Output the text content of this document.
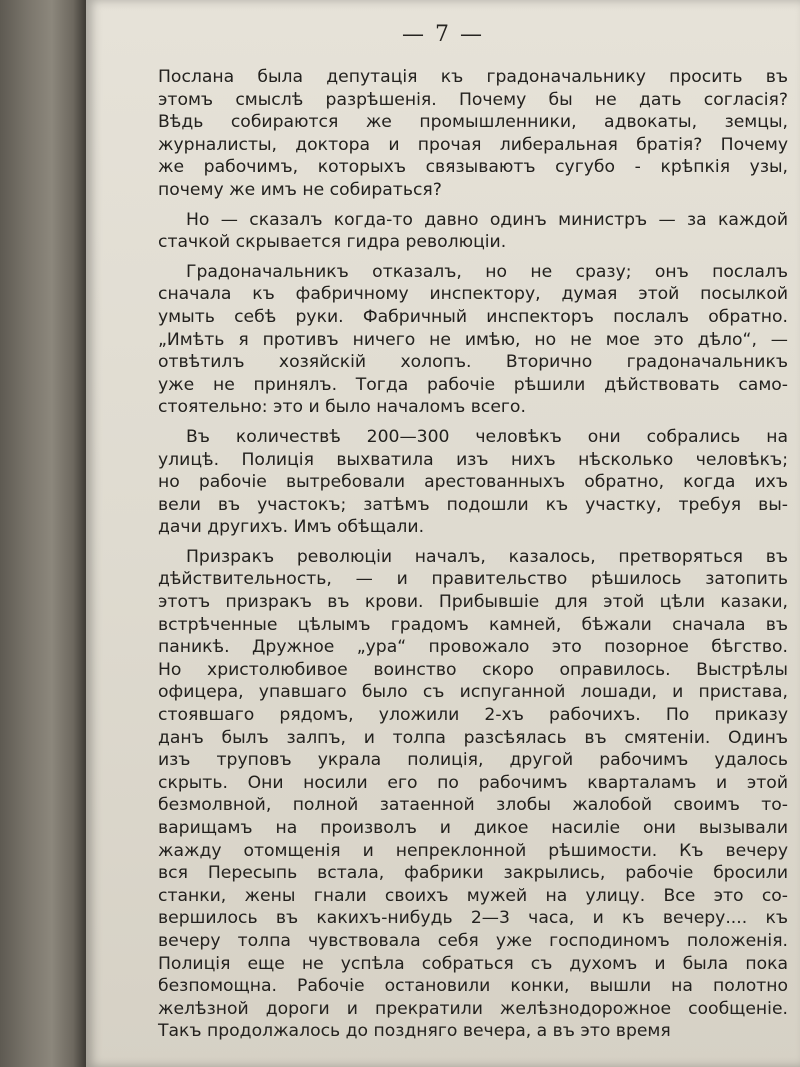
— 7 —
Послана была депутація къ градоначальнику просить въ
этомъ смыслѣ разрѣшенія. Почему бы не дать согласія?
Вѣдь собираются же промышленники, адвокаты, земцы,
журналисты, доктора и прочая либеральная братія? Почему
же рабочимъ, которыхъ связываютъ сугубо - крѣпкія узы,
почему же имъ не собираться?
Но — сказалъ когда-то давно одинъ министръ — за каждой
стачкой скрывается гидра революціи.
Градоначальникъ отказалъ, но не сразу; онъ послалъ
сначала къ фабричному инспектору, думая этой посылкой
умыть себѣ руки. Фабричный инспекторъ послалъ обратно.
„Имѣть я противъ ничего не имѣю, но не мое это дѣло“, —
отвѣтилъ хозяйскій холопъ. Вторично градоначальникъ
уже не принялъ. Тогда рабочіе рѣшили дѣйствовать само-
стоятельно: это и было началомъ всего.
Въ количествѣ 200—300 человѣкъ они собрались на
улицѣ. Полиція выхватила изъ нихъ нѣсколько человѣкъ;
но рабочіе вытребовали арестованныхъ обратно, когда ихъ
вели въ участокъ; затѣмъ подошли къ участку, требуя вы-
дачи другихъ. Имъ обѣщали.
Призракъ революціи началъ, казалось, претворяться въ
дѣйствительность, — и правительство рѣшилось затопить
этотъ призракъ въ крови. Прибывшіе для этой цѣли казаки,
встрѣченные цѣлымъ градомъ камней, бѣжали сначала въ
паникѣ. Дружное „ура“ провожало это позорное бѣгство.
Но христолюбивое воинство скоро оправилось. Выстрѣлы
офицера, упавшаго было съ испуганной лошади, и пристава,
стоявшаго рядомъ, уложили 2-хъ рабочихъ. По приказу
данъ былъ залпъ, и толпа разсѣялась въ смятеніи. Одинъ
изъ труповъ украла полиція, другой рабочимъ удалось
скрыть. Они носили его по рабочимъ кварталамъ и этой
безмолвной, полной затаенной злобы жалобой своимъ то-
варищамъ на произволъ и дикое насиліе они вызывали
жажду отомщенія и непреклонной рѣшимости. Къ вечеру
вся Пересыпь встала, фабрики закрылись, рабочіе бросили
станки, жены гнали своихъ мужей на улицу. Все это со-
вершилось въ какихъ-нибудь 2—3 часа, и къ вечеру.... къ
вечеру толпа чувствовала себя уже господиномъ положенія.
Полиція еще не успѣла собраться съ духомъ и была пока
безпомощна. Рабочіе остановили конки, вышли на полотно
желѣзной дороги и прекратили желѣзнодорожное сообщеніе.
Такъ продолжалось до поздняго вечера, а въ это время
